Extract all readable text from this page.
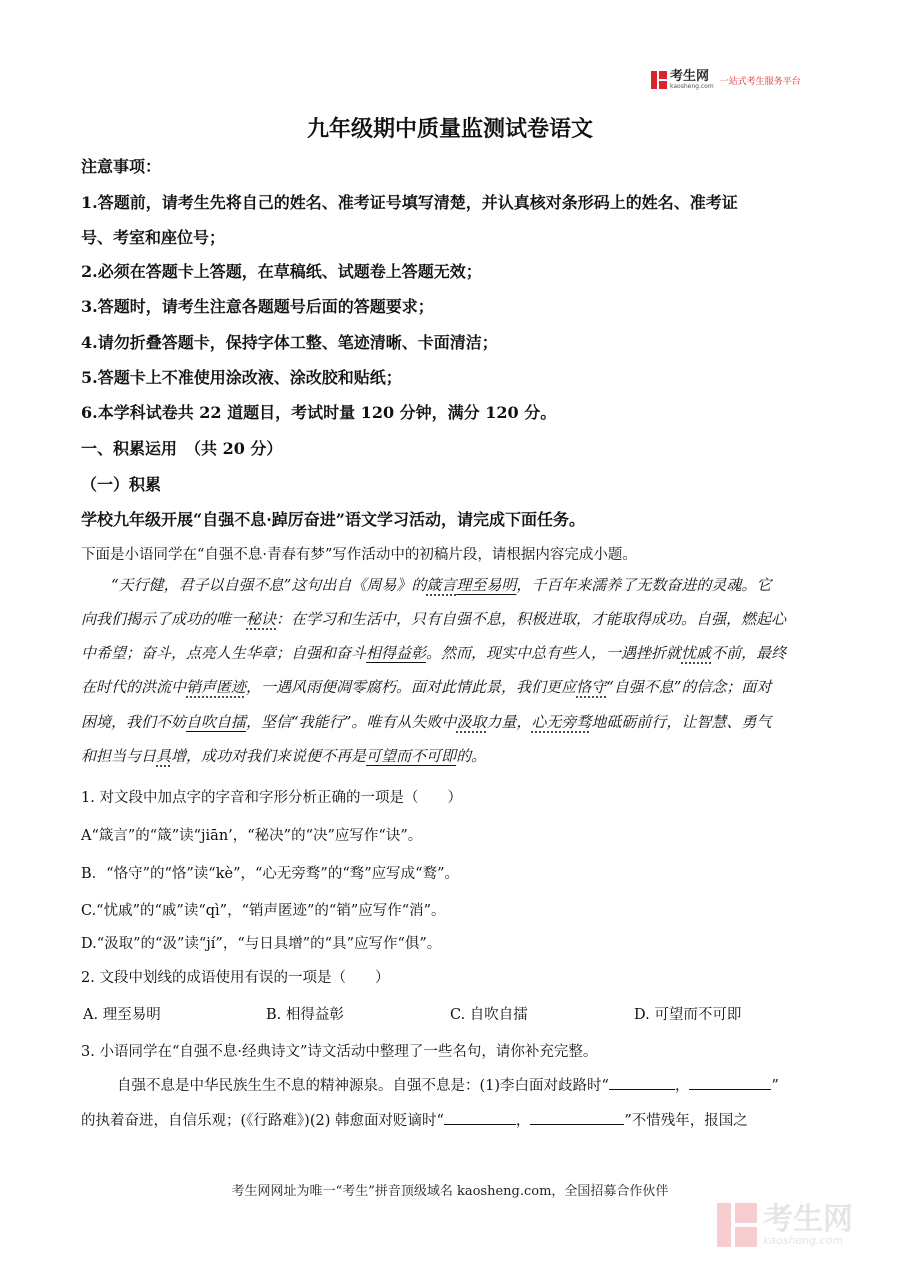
考生网
kaosheng.com 一站式考生服务平台
九年级期中质量监测试卷语文
注意事项：
1.答题前，请考生先将自己的姓名、准考证号填写清楚，并认真核对条形码上的姓名、准考证
号、考室和座位号；
2.必须在答题卡上答题，在草稿纸、试题卷上答题无效；
3.答题时，请考生注意各题题号后面的答题要求；
4.请勿折叠答题卡，保持字体工整、笔迹清晰、卡面清洁；
5.答题卡上不准使用涂改液、涂改胶和贴纸；
6.本学科试卷共 22 道题目，考试时量 120 分钟，满分 120 分。
一、积累运用　（共 20 分）
（一）积累
学校九年级开展“自强不息·踔厉奋进”语文学习活动，请完成下面任务。
下面是小语同学在“自强不息·青春有梦”写作活动中的初稿片段，请根据内容完成小题。
“天行健，君子以自强不息”这句出自《周易》的箴言理至易明，千百年来濡养了无数奋进的灵魂。它
向我们揭示了成功的唯一秘诀：在学习和生活中，只有自强不息，积极进取，才能取得成功。自强，燃起心
中希望；奋斗，点亮人生华章；自强和奋斗相得益彰。然而，现实中总有些人，一遇挫折就忧戚不前，最终
在时代的洪流中销声匿迹，一遇风雨便凋零腐朽。面对此情此景，我们更应恪守“自强不息”的信念；面对
困境，我们不妨自吹自擂，坚信“我能行”。唯有从失败中汲取力量，心无旁骛地砥砺前行，让智慧、勇气
和担当与日具增，成功对我们来说便不再是可望而不可即的。
1. 对文段中加点字的字音和字形分析正确的一项是（　　）
A“箴言”的“箴”读“jiān’，“秘决”的“决”应写作“诀”。
B．“恪守”的“恪”读“kè”，“心无旁骛”的“骛”应写成“鹜”。
C.“忧戚”的“戚”读“qì”，“销声匿迹”的“销”应写作“消”。
D.“汲取”的“汲”读“jí”，“与日具增”的“具”应写作“俱”。
2. 文段中划线的成语使用有误的一项是（　　）
A. 理至易明	B. 相得益彰	C. 自吹自擂	D. 可望而不可即
3. 小语同学在“自强不息·经典诗文”诗文活动中整理了一些名句，请你补充完整。
自强不息是中华民族生生不息的精神源泉。自强不息是：(1)李白面对歧路时“	，	”
的执着奋进，自信乐观；(《行路难》)(2) 韩愈面对贬谪时“	，	”不惜残年，报国之
考生网网址为唯一“考生”拼音顶级域名 kaosheng.com，全国招募合作伙伴
考生网
kaosheng.com
